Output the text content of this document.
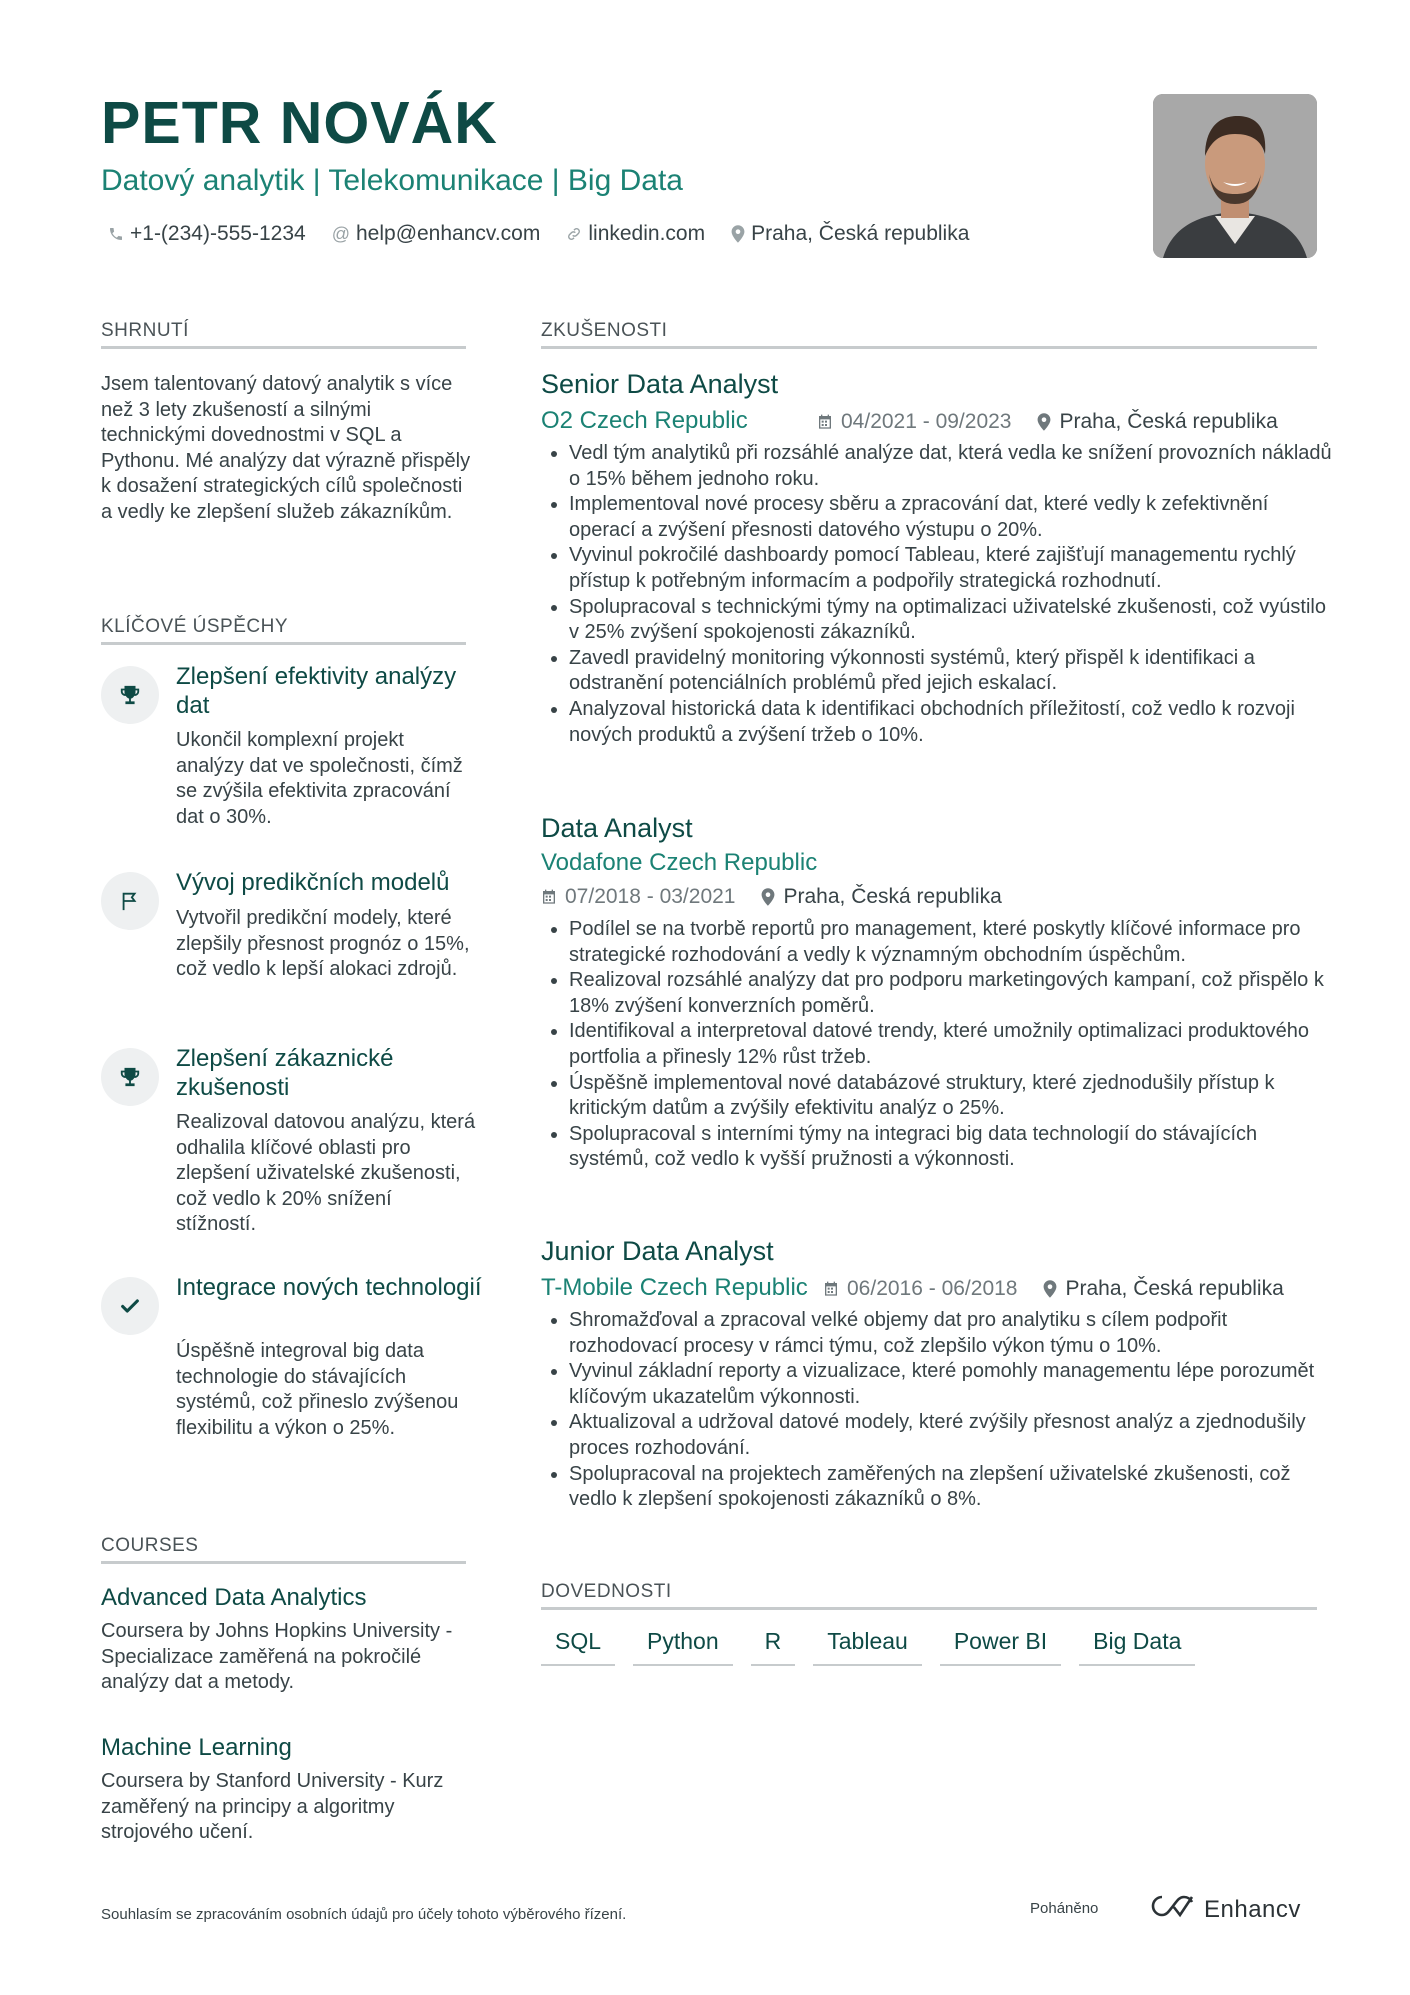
PETR NOVÁK
Datový analytik | Telekomunikace | Big Data
+1-(234)-555-1234 @ help@enhancv.com linkedin.com Praha, Česká republika
SHRNUTÍ
Jsem talentovaný datový analytik s více než 3 lety zkušeností a silnými technickými dovednostmi v SQL a Pythonu. Mé analýzy dat výrazně přispěly k dosažení strategických cílů společnosti a vedly ke zlepšení služeb zákazníkům.
KLÍČOVÉ ÚSPĚCHY
Zlepšení efektivity analýzy dat
Ukončil komplexní projekt analýzy dat ve společnosti, čímž se zvýšila efektivita zpracování dat o 30%.
Vývoj predikčních modelů
Vytvořil predikční modely, které zlepšily přesnost prognóz o 15%, což vedlo k lepší alokaci zdrojů.
Zlepšení zákaznické zkušenosti
Realizoval datovou analýzu, která odhalila klíčové oblasti pro zlepšení uživatelské zkušenosti, což vedlo k 20% snížení stížností.
Integrace nových technologií
Úspěšně integroval big data technologie do stávajících systémů, což přineslo zvýšenou flexibilitu a výkon o 25%.
COURSES
Advanced Data Analytics
Coursera by Johns Hopkins University - Specializace zaměřená na pokročilé analýzy dat a metody.
Machine Learning
Coursera by Stanford University - Kurz zaměřený na principy a algoritmy strojového učení.
ZKUŠENOSTI
Senior Data Analyst
O2 Czech Republic	04/2021 - 09/2023 Praha, Česká republika
• Vedl tým analytiků při rozsáhlé analýze dat, která vedla ke snížení provozních nákladů o 15% během jednoho roku.
• Implementoval nové procesy sběru a zpracování dat, které vedly k zefektivnění operací a zvýšení přesnosti datového výstupu o 20%.
• Vyvinul pokročilé dashboardy pomocí Tableau, které zajišťují managementu rychlý přístup k potřebným informacím a podpořily strategická rozhodnutí.
• Spolupracoval s technickými týmy na optimalizaci uživatelské zkušenosti, což vyústilo v 25% zvýšení spokojenosti zákazníků.
• Zavedl pravidelný monitoring výkonnosti systémů, který přispěl k identifikaci a odstranění potenciálních problémů před jejich eskalací.
• Analyzoval historická data k identifikaci obchodních příležitostí, což vedlo k rozvoji nových produktů a zvýšení tržeb o 10%.
Data Analyst
Vodafone Czech Republic
07/2018 - 03/2021 Praha, Česká republika
• Podílel se na tvorbě reportů pro management, které poskytly klíčové informace pro strategické rozhodování a vedly k významným obchodním úspěchům.
• Realizoval rozsáhlé analýzy dat pro podporu marketingových kampaní, což přispělo k 18% zvýšení konverzních poměrů.
• Identifikoval a interpretoval datové trendy, které umožnily optimalizaci produktového portfolia a přinesly 12% růst tržeb.
• Úspěšně implementoval nové databázové struktury, které zjednodušily přístup k kritickým datům a zvýšily efektivitu analýz o 25%.
• Spolupracoval s interními týmy na integraci big data technologií do stávajících systémů, což vedlo k vyšší pružnosti a výkonnosti.
Junior Data Analyst
T-Mobile Czech Republic 06/2016 - 06/2018 Praha, Česká republika
• Shromažďoval a zpracoval velké objemy dat pro analytiku s cílem podpořit rozhodovací procesy v rámci týmu, což zlepšilo výkon týmu o 10%.
• Vyvinul základní reporty a vizualizace, které pomohly managementu lépe porozumět klíčovým ukazatelům výkonnosti.
• Aktualizoval a udržoval datové modely, které zvýšily přesnost analýz a zjednodušily proces rozhodování.
• Spolupracoval na projektech zaměřených na zlepšení uživatelské zkušenosti, což vedlo k zlepšení spokojenosti zákazníků o 8%.
DOVEDNOSTI
SQL	Python	R	Tableau	Power BI	Big Data
Souhlasím se zpracováním osobních údajů pro účely tohoto výběrového řízení.	Poháněno	Enhancv
